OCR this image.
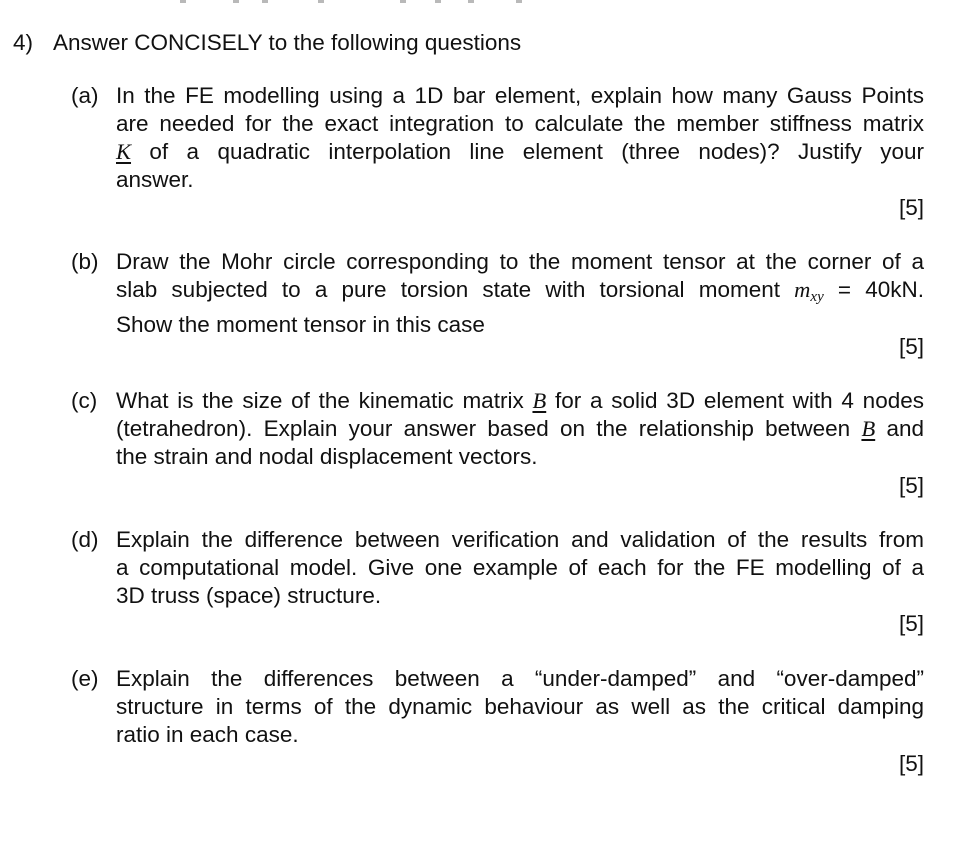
4) Answer CONCISELY to the following questions
(a) In the FE modelling using a 1D bar element, explain how many Gauss Points
are needed for the exact integration to calculate the member stiffness matrix
K of a quadratic interpolation line element (three nodes)? Justify your
answer.
[5]
(b) Draw the Mohr circle corresponding to the moment tensor at the corner of a
slab subjected to a pure torsion state with torsional moment $m_{xy} = 40kN$.
Show the moment tensor in this case
[5]
(c) What is the size of the kinematic matrix B for a solid 3D element with 4 nodes
(tetrahedron). Explain your answer based on the relationship between B and
the strain and nodal displacement vectors.
[5]
(d) Explain the difference between verification and validation of the results from
a computational model. Give one example of each for the FE modelling of a
3D truss (space) structure.
[5]
(e) Explain the differences between a “under-damped” and “over-damped”
structure in terms of the dynamic behaviour as well as the critical damping
ratio in each case.
[5]
